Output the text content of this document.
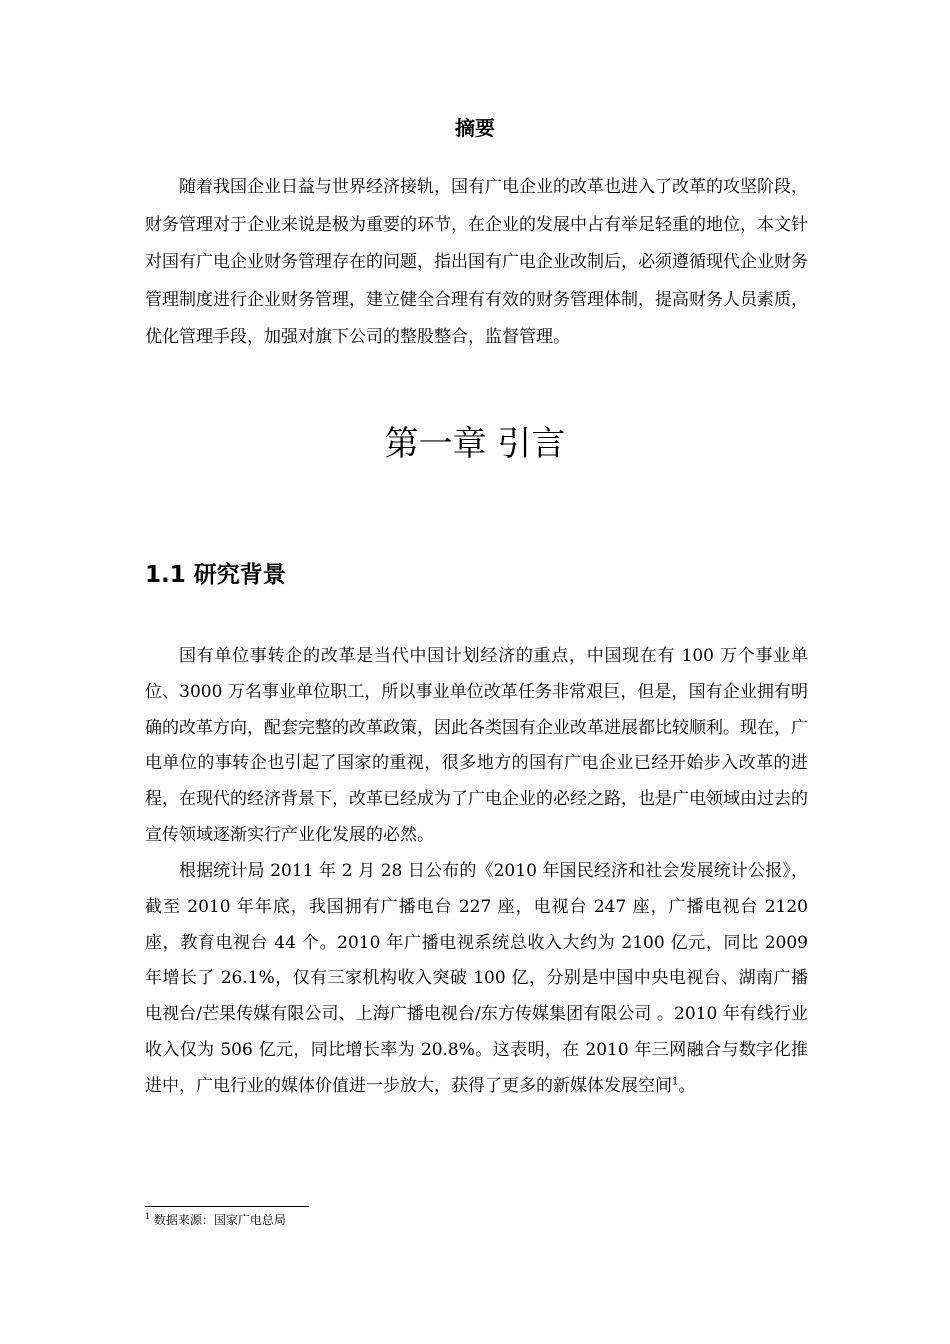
摘要

随着我国企业日益与世界经济接轨，国有广电企业的改革也进入了改革的攻坚阶段，财务管理对于企业来说是极为重要的环节，在企业的发展中占有举足轻重的地位，本文针对国有广电企业财务管理存在的问题，指出国有广电企业改制后，必须遵循现代企业财务管理制度进行企业财务管理，建立健全合理有有效的财务管理体制，提高财务人员素质，优化管理手段，加强对旗下公司的整股整合，监督管理。

第一章 引言
1.1 研究背景

国有单位事转企的改革是当代中国计划经济的重点，中国现在有 100 万个事业单位、3000 万名事业单位职工，所以事业单位改革任务非常艰巨，但是，国有企业拥有明确的改革方向，配套完整的改革政策，因此各类国有企业改革进展都比较顺利。现在，广电单位的事转企也引起了国家的重视，很多地方的国有广电企业已经开始步入改革的进程，在现代的经济背景下，改革已经成为了广电企业的必经之路，也是广电领域由过去的宣传领域逐渐实行产业化发展的必然。

根据统计局 2011 年 2 月 28 日公布的《2010 年国民经济和社会发展统计公报》，截至 2010 年年底，我国拥有广播电台 227 座，电视台 247 座，广播电视台 2120 座，教育电视台 44 个。2010 年广播电视系统总收入大约为 2100 亿元，同比 2009 年增长了 26.1%，仅有三家机构收入突破 100 亿，分别是中国中央电视台、湖南广播电视台/芒果传媒有限公司、上海广播电视台/东方传媒集团有限公司 。2010 年有线行业收入仅为 506 亿元，同比增长率为 20.8%。这表明，在 2010 年三网融合与数字化推进中，广电行业的媒体价值进一步放大，获得了更多的新媒体发展空间$^1$。

$^1$ 数据来源：国家广电总局
